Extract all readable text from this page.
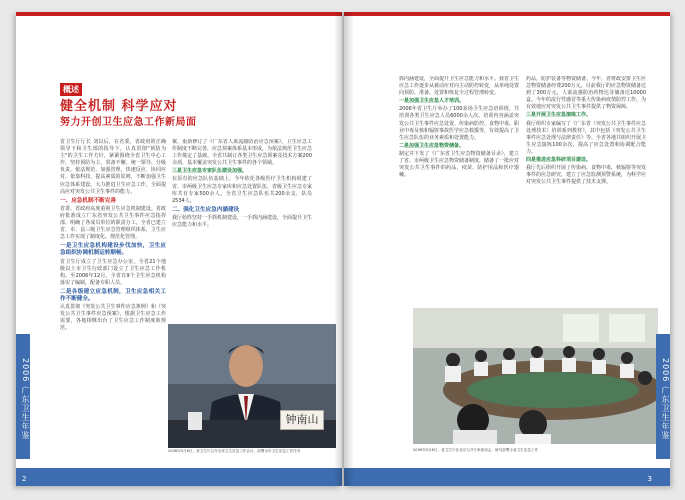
概述
健全机制 科学应对
努力开创卫生应急工作新局面

省卫生厅厅长 刘以后，在省委、省政府的正确领导下和卫生部的指导下，认真贯彻"预防为主"的卫生工作方针，紧紧围绕全省卫生中心工作，坚持预防为主、常备不懈，统一领导、分级负责，依法规范、加强管理，快速反应、协同应对，依靠科技、提高素质的原则，不断加强卫生应急体系建设，大力推进卫生应急工作，全面提高应对突发公共卫生事件的能力。

一、应急机制不断完善

省委、省政府高度重视卫生应急机制建设。省政府批准成立广东省突发公共卫生事件应急指挥部，明确了各成员单位的职责分工。全省已建立省、市、县三级卫生应急管理组织体系，卫生应急工作实现了制度化、规范化管理。

一是卫生应急机构建设步伐加快，卫生应急组织协调机制运转顺畅。

省卫生厅成立了卫生应急办公室，全省21个地级以上市卫生行政部门设立了卫生应急工作机构。至2006年12月，全省有9个卫生应急机构落实了编制，配备专职人员。

二是各级建立应急机制，卫生应急相关工作不断健全。

认真贯彻《突发公共卫生事件应急条例》和《突发公共卫生事件应急预案》，根据卫生应急工作需要，各地相继出台了卫生应急工作制度和规范。

案，重新修订了《广东省人禽流感防治应急预案》。卫生应急工作制度不断完善，应急预案体系基本形成，为依法规范卫生应急工作奠定了基础。全省共制订各类卫生应急预案及技术方案200余项，基本覆盖突发公共卫生事件的各个领域。

三是卫生应急专家队伍建设加强。

在原有的应急队伍基础上，今年依托各级医疗卫生机构组建了省、市两级卫生应急专家库和应急处置队伍，省级卫生应急专家库共有专家500余人。全省卫生应急队伍共200余支，队员2534人。

二、强化卫生应急内涵建设

我厅始终坚持一手抓机制建设，一手抓内涵建设，全面提升卫生应急能力和水平。

钟南山
2006年5月8日，省卫生厅召开全省卫生应急工作会议，部署全年卫生应急工作任务
2006 广东卫生年鉴
2

抓内涵建设，全面提升卫生应急能力和水平。我省卫生应急工作逐步从被动应对向主动防控转变，从单纯处置向预防、准备、处置和恢复全过程管理转变。

一是加强卫生应急人才培训。

2006年省卫生厅举办了100多场卫生应急培训班，共培训各类卫生应急人员6000余人次。培训内容涵盖突发公共卫生事件应急处置、传染病防控、食物中毒、职业中毒及核和辐射事故医学应急救援等，有效提高了卫生应急队伍的业务素质和处置能力。

二是加强卫生应急物资储备。

制定并下发了《广东省卫生应急物资储备目录》，建立了省、市两级卫生应急物资储备制度，储备了一批应对突发公共卫生事件的药品、疫苗、防护用品和医疗器械。

药品，防护装备等物资储备。今年，省财政安排卫生应急物资储备经费200万元，目前我厅的应急物资储备达到了300万元，人禽流感防治药物达菲储备达10000盒。今年的流行性感冒等重大传染病疫情防控工作，为有效地应对突发公共卫生事件提供了物资保障。

三是开展卫生应急演练工作。

我厅组织专家编写了《广东省（突发公共卫生事件应急处理技术）培训系列教材》，其中包括《突发公共卫生事件应急处理与法律责任》等。全省各地共组织开展卫生应急演练100余次，提高了应急处置和协调配合能力。

四是推进应急科研项目建设。

我厅先后组织开展了传染病、食物中毒、核辐射等突发事件的应急研究，建立了应急监测预警系统，为科学应对突发公共卫生事件提供了技术支撑。

2006年5月8日，省卫生厅在北京召开专家座谈会，研究部署全省卫生应急工作
2006 广东卫生年鉴
3
